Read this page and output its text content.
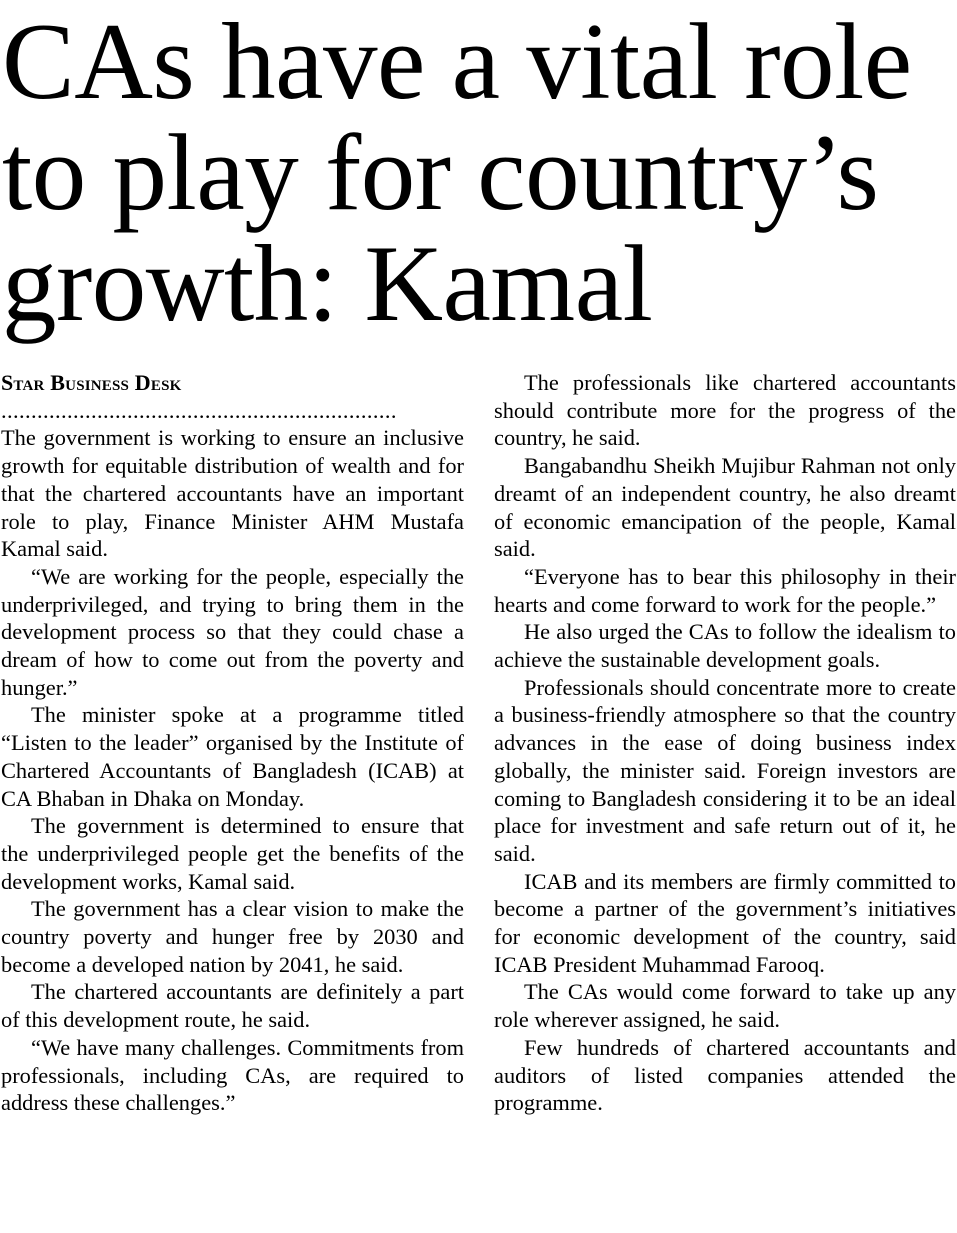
CAs have a vital role
to play for country’s
growth: Kamal

Star Business Desk

..................................................................

The government is working to ensure an inclusive growth for equitable distribution of wealth and for that the chartered accountants have an important role to play, Finance Minister AHM Mustafa Kamal said.

“We are working for the people, especially the underprivileged, and trying to bring them in the development process so that they could chase a dream of how to come out from the poverty and hunger.”

The minister spoke at a programme titled “Listen to the leader” organised by the Institute of Chartered Accountants of Bangladesh (ICAB) at CA Bhaban in Dhaka on Monday.

The government is determined to ensure that the underprivileged people get the benefits of the development works, Kamal said.

The government has a clear vision to make the country poverty and hunger free by 2030 and become a developed nation by 2041, he said.

The chartered accountants are definitely a part of this development route, he said.

“We have many challenges. Commitments from professionals, including CAs, are required to address these challenges.”

The professionals like chartered accountants should contribute more for the progress of the country, he said.

Bangabandhu Sheikh Mujibur Rahman not only dreamt of an independent country, he also dreamt of economic emancipation of the people, Kamal said.

“Everyone has to bear this philosophy in their hearts and come forward to work for the people.”

He also urged the CAs to follow the idealism to achieve the sustainable development goals.

Professionals should concentrate more to create a business-friendly atmosphere so that the country advances in the ease of doing business index globally, the minister said. Foreign investors are coming to Bangladesh considering it to be an ideal place for investment and safe return out of it, he said.

ICAB and its members are firmly committed to become a partner of the government’s initiatives for economic development of the country, said ICAB President Muhammad Farooq.

The CAs would come forward to take up any role wherever assigned, he said.

Few hundreds of chartered accountants and auditors of listed companies attended the programme.
